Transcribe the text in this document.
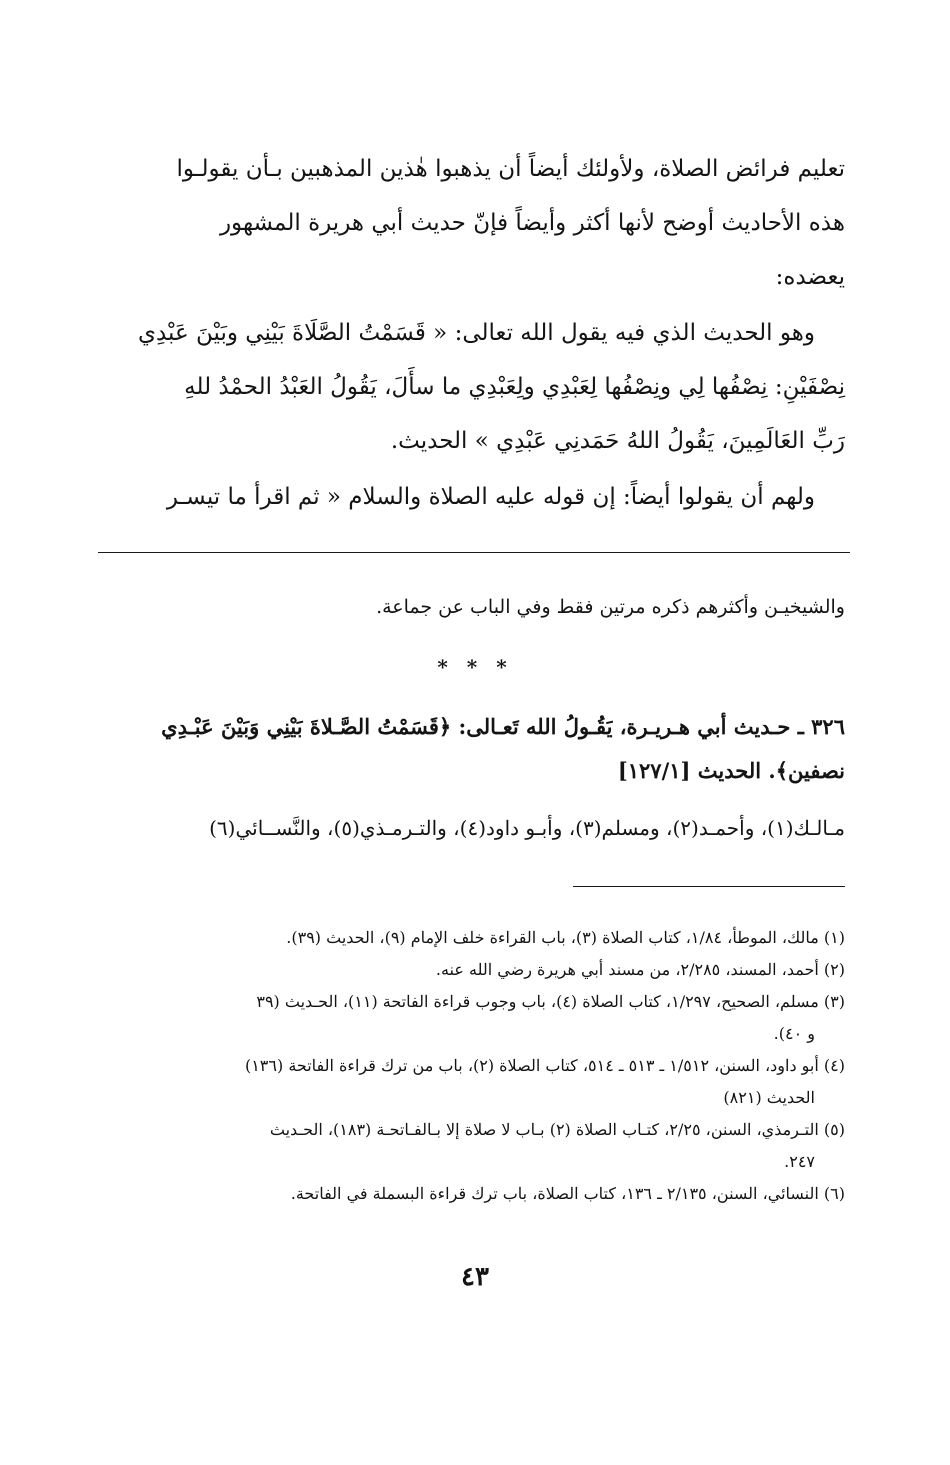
تعليم فرائض الصلاة، ولأولئك أيضاً أن يذهبوا هٰذين المذهبين بـأن يقولـوا
هذه الأحاديث أوضح لأنها أكثر وأيضاً فإنّ حديث أبي هريرة المشهور
يعضده:

وهو الحديث الذي فيه يقول الله تعالى: « قَسَمْتُ الصَّلَاةَ بَيْنِي وبَيْنَ عَبْدِي
نِصْفَيْنِ: نِصْفُها لِي ونِصْفُها لِعَبْدِي ولِعَبْدِي ما سأَلَ، يَقُولُ العَبْدُ الحمْدُ للهِ
رَبِّ العَالَمِينَ، يَقُولُ اللهُ حَمَدنِي عَبْدِي » الحديث.

ولهم أن يقولوا أيضاً: إن قوله عليه الصلاة والسلام « ثم اقرأ ما تيسـر

والشيخيـن وأكثرهم ذكره مرتين فقط وفي الباب عن جماعة.
* * *

٣٢٦ ـ حـديث أبي هـريـرة، يَقُـولُ الله تَعـالى: ﴿قَسَمْتُ الصَّـلاةَ بَيْنِي وَبَيْنَ عَبْـدِي
نصفين﴾. الحديث [١٢٧/١]

مـالـك(١)، وأحمـد(٢)، ومسلم(٣)، وأبـو داود(٤)، والتـرمـذي(٥)، والنَّســائي(٦)

(١) مالك، الموطأ، ١/٨٤، كتاب الصلاة (٣)، باب القراءة خلف الإمام (٩)، الحديث (٣٩).

(٢) أحمد، المسند، ٢/٢٨٥، من مسند أبي هريرة رضي الله عنه.

(٣) مسلم، الصحيح، ١/٢٩٧، كتاب الصلاة (٤)، باب وجوب قراءة الفاتحة (١١)، الحـديث (٣٩
و ٤٠).

(٤) أبو داود، السنن، ١/٥١٢ ـ ٥١٣ ـ ٥١٤، كتاب الصلاة (٢)، باب من ترك قراءة الفاتحة (١٣٦)
الحديث (٨٢١)

(٥) التـرمذي، السنن، ٢/٢٥، كتـاب الصلاة (٢) بـاب لا صلاة إلا بـالفـاتحـة (١٨٣)، الحـديث
٢٤٧.

(٦) النسائي، السنن، ٢/١٣٥ ـ ١٣٦، كتاب الصلاة، باب ترك قراءة البسملة في الفاتحة.

٤٣
